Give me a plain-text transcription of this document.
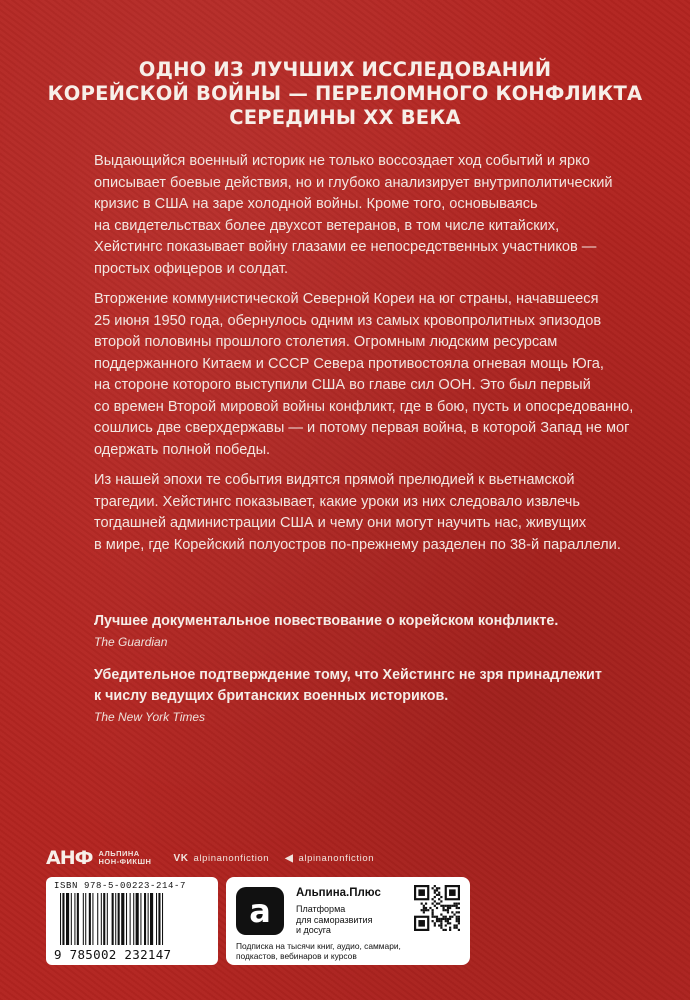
ОДНО ИЗ ЛУЧШИХ ИССЛЕДОВАНИЙ
КОРЕЙСКОЙ ВОЙНЫ — ПЕРЕЛОМНОГО КОНФЛИКТА
СЕРЕДИНЫ XX ВЕКА
Выдающийся военный историк не только воссоздает ход событий и ярко
описывает боевые действия, но и глубоко анализирует внутриполитический
кризис в США на заре холодной войны. Кроме того, основываясь
на свидетельствах более двухсот ветеранов, в том числе китайских,
Хейстингс показывает войну глазами ее непосредственных участников —
простых офицеров и солдат.
Вторжение коммунистической Северной Кореи на юг страны, начавшееся
25 июня 1950 года, обернулось одним из самых кровопролитных эпизодов
второй половины прошлого столетия. Огромным людским ресурсам
поддержанного Китаем и СССР Севера противостояла огневая мощь Юга,
на стороне которого выступили США во главе сил ООН. Это был первый
со времен Второй мировой войны конфликт, где в бою, пусть и опосредованно,
сошлись две сверхдержавы — и потому первая война, в которой Запад не мог
одержать полной победы.
Из нашей эпохи те события видятся прямой прелюдией к вьетнамской
трагедии. Хейстингс показывает, какие уроки из них следовало извлечь
тогдашней администрации США и чему они могут научить нас, живущих
в мире, где Корейский полуостров по-прежнему разделен по 38-й параллели.
Лучшее документальное повествование о корейском конфликте.
The Guardian
Убедительное подтверждение тому, что Хейстингс не зря принадлежит
к числу ведущих британских военных историков.
The New York Times
АНФ АЛЬПИНА
НОН-ФИКШН VK alpinanonfiction ◀ alpinanonfiction
ISBN 978-5-00223-214-7
9 785002 232147
a	Альпина.Плюс
Платформа
для саморазвития
и досуга
Подписка на тысячи книг, аудио, саммари,
подкастов, вебинаров и курсов
